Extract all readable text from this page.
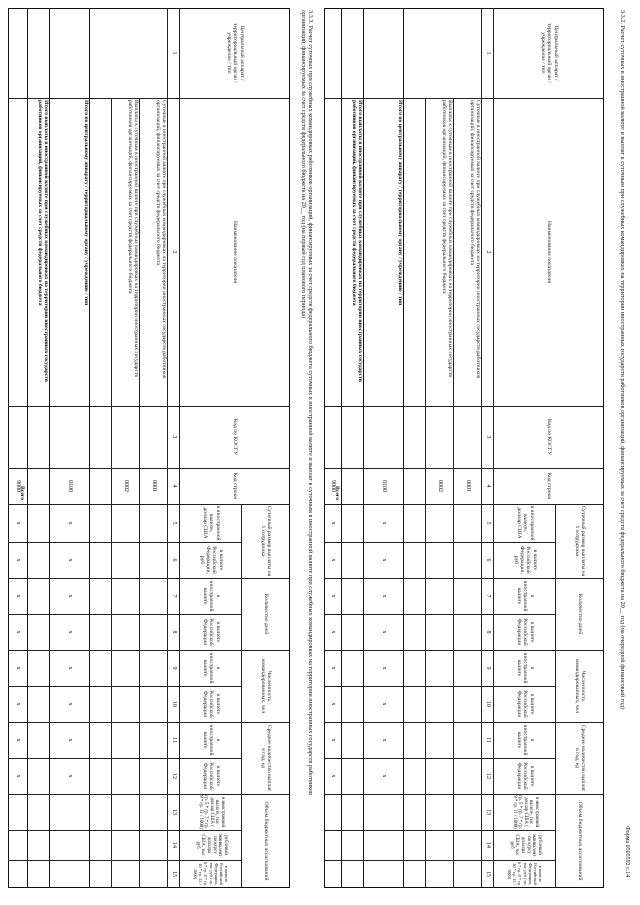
Форма 0505592 с.14
3.3.2. Расчет суточных в иностранной валюте и выплат к суточным при служебных командировках на территории иностранных государств работников организаций, финансируемых за счет средств федерального бюджета на 20__ год (на очередной финансовый год)
Центральный аппарат / территориальный орган / учреждение / тип
Наименование показателя
Код по КОСГУ
Код строки
Суточный размер выплаты на 1 сотрудника
Количество дней
Численность командированных, чел
Среднее количество выплат в год, ед
Объем бюджетных ассигнований
в иностранной валюте, доллар США
в валюте Российской Федерации, руб
в иностранной валюте
в валюте Российской Федерации
в иностранной валюте
в валюте Российской Федерации
в иностранной валюте
в валюте Российской Федерации
в иностранной валюте, тыс доллар США ( гр. 5 * гр. 7 * гр. 9 * гр. 11 / 1000)
рублевый эквивалент по курсу доллара США, тыс руб
в валюте Российской Федерации, тыс руб ( гр. 6 * гр. 8 * гр. 10 * гр. 12 / 1000)
1
2
3
4
5
6
7
8
9
10
11
12
13
14
15
Суточные в иностранной валюте при служебных командировках на территории иностранных государств работников организаций, финансируемых за счет средств федерального бюджета
Выплаты к суточным в иностранной валюте при служебных командировках на территории иностранных государств работников организаций, финансируемых за счет средств федерального бюджета
Итого по центральному аппарату / территориальному органу / учреждению / тип
Итого выплаты в иностранной валюте при служебных командировках на территории иностранных государств работников организаций, финансируемых за счет средств федерального бюджета
Всего
0001
0002
0100
9000
x
x
x
x
x
x
x
x
x
x
x
x
x
x
x
x
3.3.3. Расчет суточных при служебных командировках работников организаций, финансируемых за счет средств федерального бюджета суточных в иностранной валюте и выплат к суточным в иностранной валюте при служебных командировках на территории иностранных государств работников организаций, финансируемых за счет средств федерального бюджета на 20__ год (на первый год планового периода)
Центральный аппарат / территориальный орган / учреждение / тип
Наименование показателя
Код по КОСГУ
Код строки
Суточный размер выплаты на 1 сотрудника
Количество дней
Численность командированных, чел
Среднее количество выплат в год, ед
Объем бюджетных ассигнований
в иностранной валюте, доллар США
в валюте Российской Федерации, руб
в иностранной валюте
в валюте Российской Федерации
в иностранной валюте
в валюте Российской Федерации
в иностранной валюте
в валюте Российской Федерации
в иностранной валюте, тыс доллар США ( гр. 5 * гр. 7 * гр. 9 * гр. 11 / 1000)
рублевый эквивалент по курсу доллара США, тыс руб
в валюте Российской Федерации, тыс руб ( гр. 6 * гр. 8 * гр. 10 * гр. 12 / 1000)
1
2
3
4
5
6
7
8
9
10
11
12
13
14
15
Суточные в иностранной валюте при служебных командировках на территории иностранных государств работников организаций, финансируемых за счет средств федерального бюджета
Выплаты к суточным в иностранной валюте при служебных командировках на территории иностранных государств работников организаций, финансируемых за счет средств федерального бюджета
Итого по центральному аппарату / территориальному органу / учреждению / тип
Итого выплаты в иностранной валюте при служебных командировках на территории иностранных государств работников организаций, финансируемых за счет средств федерального бюджета
Всего
0001
0002
0100
9000
x
x
x
x
x
x
x
x
x
x
x
x
x
x
x
x
